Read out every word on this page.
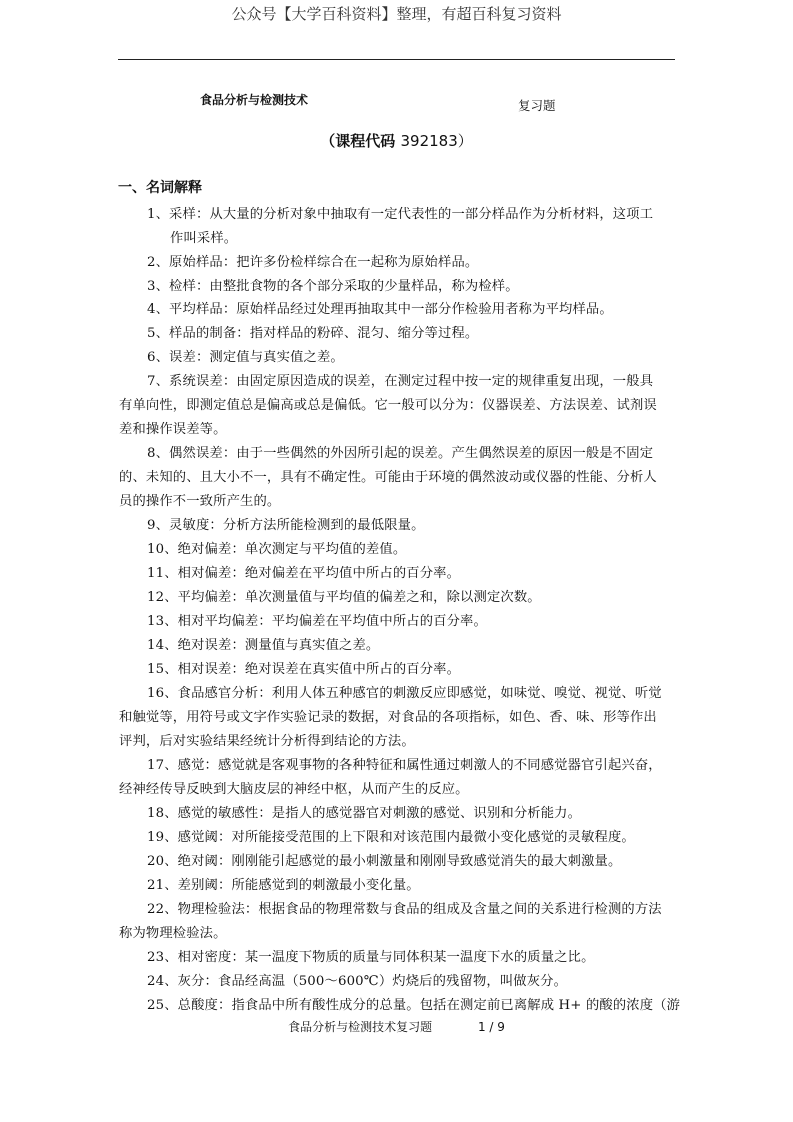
公众号【大学百科资料】整理，有超百科复习资料
食品分析与检测技术	复习题
（课程代码 392183）
一、名词解释
1、采样：从大量的分析对象中抽取有一定代表性的一部分样品作为分析材料，这项工
作叫采样。
2、原始样品：把许多份检样综合在一起称为原始样品。
3、检样：由整批食物的各个部分采取的少量样品，称为检样。
4、平均样品：原始样品经过处理再抽取其中一部分作检验用者称为平均样品。
5、样品的制备：指对样品的粉碎、混匀、缩分等过程。
6、误差：测定值与真实值之差。
7、系统误差：由固定原因造成的误差，在测定过程中按一定的规律重复出现，一般具
有单向性，即测定值总是偏高或总是偏低。它一般可以分为：仪器误差、方法误差、试剂误
差和操作误差等。
8、偶然误差：由于一些偶然的外因所引起的误差。产生偶然误差的原因一般是不固定
的、未知的、且大小不一，具有不确定性。可能由于环境的偶然波动或仪器的性能、分析人
员的操作不一致所产生的。
9、灵敏度：分析方法所能检测到的最低限量。
10、绝对偏差：单次测定与平均值的差值。
11、相对偏差：绝对偏差在平均值中所占的百分率。
12、平均偏差：单次测量值与平均值的偏差之和，除以测定次数。
13、相对平均偏差：平均偏差在平均值中所占的百分率。
14、绝对误差：测量值与真实值之差。
15、相对误差：绝对误差在真实值中所占的百分率。
16、食品感官分析：利用人体五种感官的刺激反应即感觉，如味觉、嗅觉、视觉、听觉
和触觉等，用符号或文字作实验记录的数据，对食品的各项指标，如色、香、味、形等作出
评判，后对实验结果经统计分析得到结论的方法。
17、感觉：感觉就是客观事物的各种特征和属性通过刺激人的不同感觉器官引起兴奋，
经神经传导反映到大脑皮层的神经中枢，从而产生的反应。
18、感觉的敏感性：是指人的感觉器官对刺激的感觉、识别和分析能力。
19、感觉阈：对所能接受范围的上下限和对该范围内最微小变化感觉的灵敏程度。
20、绝对阈：刚刚能引起感觉的最小刺激量和刚刚导致感觉消失的最大刺激量。
21、差别阈：所能感觉到的刺激最小变化量。
22、物理检验法：根据食品的物理常数与食品的组成及含量之间的关系进行检测的方法
称为物理检验法。
23、相对密度：某一温度下物质的质量与同体积某一温度下水的质量之比。
24、灰分：食品经高温（500～600℃）灼烧后的残留物，叫做灰分。
25、总酸度：指食品中所有酸性成分的总量。包括在测定前已离解成 H+ 的酸的浓度（游
食品分析与检测技术复习题	1 / 9
